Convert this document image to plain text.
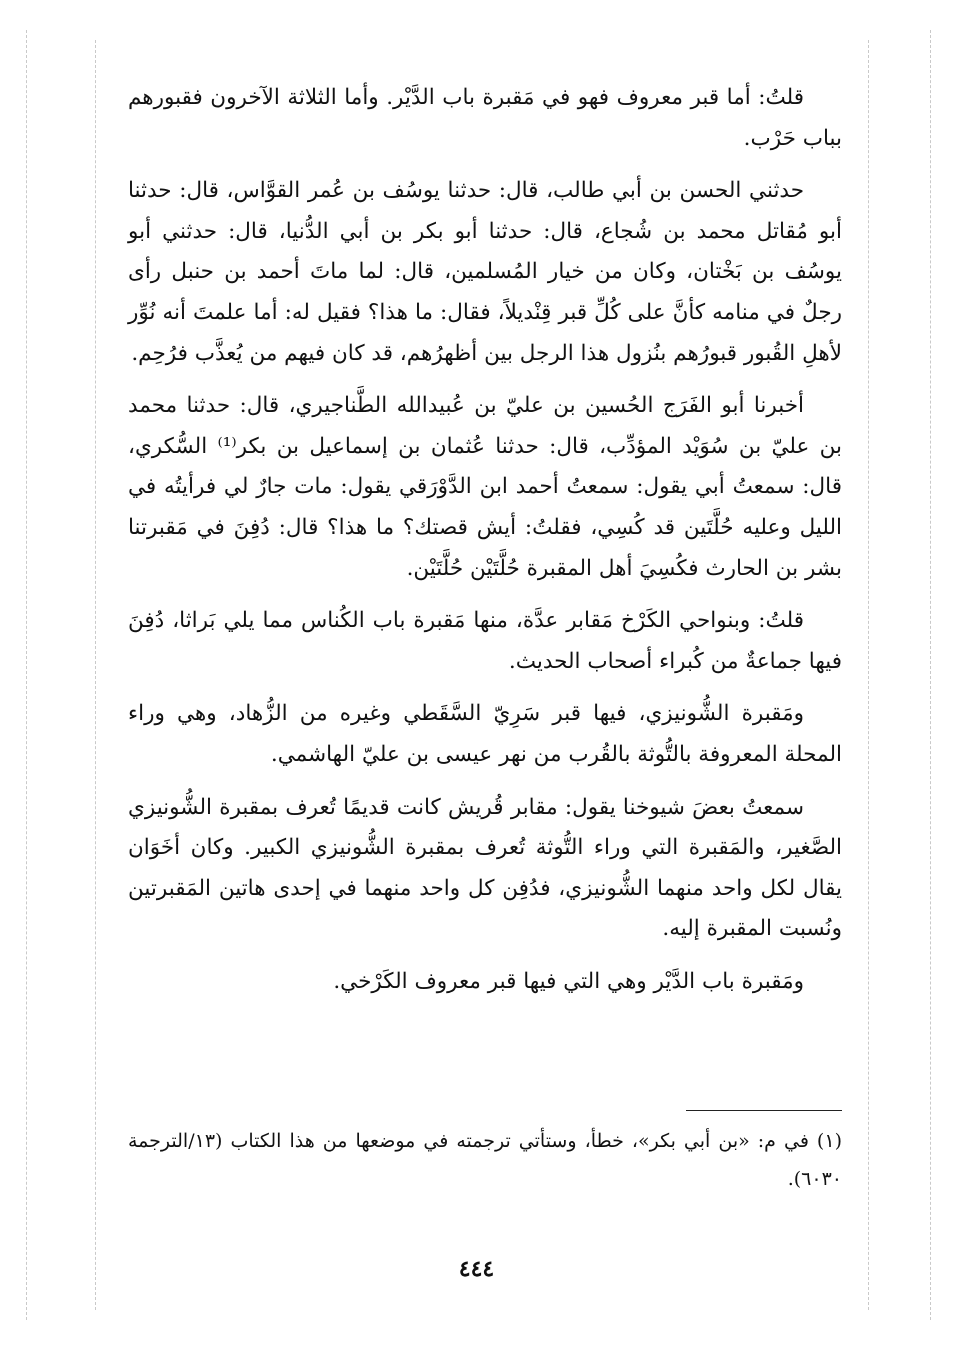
قلتُ: أما قبر معروف فهو في مَقبرة باب الدَّيْر. وأما الثلاثة الآخرون فقبورهم بباب حَرْب.

حدثني الحسن بن أبي طالب، قال: حدثنا يوسُف بن عُمر القوَّاس، قال: حدثنا أبو مُقاتل محمد بن شُجاع، قال: حدثنا أبو بكر بن أبي الدُّنيا، قال: حدثني أبو يوسُف بن بَخْتان، وكان من خيار المُسلمين، قال: لما ماتَ أحمد بن حنبل رأى رجلٌ في منامه كأنَّ على كُلِّ قبر قِنْديلاً، فقال: ما هذا؟ فقيل له: أما علمتَ أنه نُوِّر لأهلِ القُبور قبورُهم بنُزول هذا الرجل بين أظهرُهم، قد كان فيهم من يُعذَّب فرُحِم.

أخبرنا أبو الفَرَج الحُسين بن عليّ بن عُبيدالله الطَّناجيري، قال: حدثنا محمد بن عليّ بن سُوَيْد المؤدِّب، قال: حدثنا عُثمان بن إسماعيل بن بكر⁽¹⁾ السُّكري، قال: سمعتُ أبي يقول: سمعتُ أحمد ابن الدَّوْرَقي يقول: مات جارٌ لي فرأيتُه في الليل وعليه حُلَّتَين قد كُسِي، فقلتُ: أيش قصتك؟ ما هذا؟ قال: دُفِنَ في مَقبرتنا بشر بن الحارث فكُسِيَ أهل المقبرة حُلَّتَيْن حُلَّتَيْن.

قلتُ: وبنواحي الكَرْخ مَقابر عدَّة، منها مَقبرة باب الكُناس مما يلي بَراثا، دُفِنَ فيها جماعةٌ من كُبراء أصحاب الحديث.

ومَقبرة الشُّونيزي، فيها قبر سَرِيّ السَّقَطي وغيره من الزُّهاد، وهي وراء المحلة المعروفة بالتُّوثة بالقُرب من نهر عيسى بن عليّ الهاشمي.

سمعتُ بعضَ شيوخنا يقول: مقابر قُريش كانت قديمًا تُعرف بمقبرة الشُّونيزي الصَّغير، والمَقبرة التي وراء التُّوثة تُعرف بمقبرة الشُّونيزي الكبير. وكان أخَوَان يقال لكل واحد منهما الشُّونيزي، فدُفِن كل واحد منهما في إحدى هاتين المَقبرتين ونُسبت المقبرة إليه.

ومَقبرة باب الدَّيْر وهي التي فيها قبر معروف الكَرْخي.

(١) في م: «بن أبي بكر»، خطأ، وستأتي ترجمته في موضعها من هذا الكتاب (١٣/الترجمة ٦٠٣٠).
٤٤٤
